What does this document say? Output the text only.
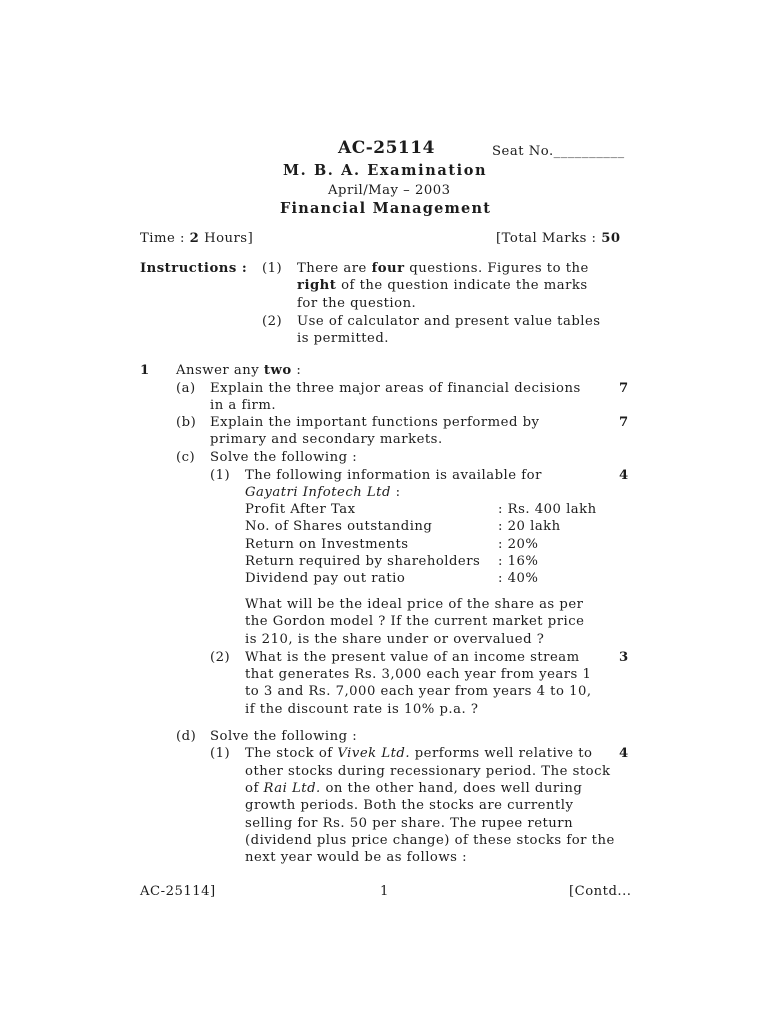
AC-25114	Seat No.__________
M. B. A. Examination
April/May – 2003
Financial Management
Time : 2 Hours]	[Total Marks : 50
Instructions : (1) There are four questions. Figures to the
right of the question indicate the marks
for the question.
(2) Use of calculator and present value tables
is permitted.
1 Answer any two :
(a) Explain the three major areas of financial decisions
in a firm.
7
(b) Explain the important functions performed by
primary and secondary markets.
7
(c) Solve the following :
(1) The following information is available for	4
Gayatri Infotech Ltd :
Profit After Tax	: Rs. 400 lakh
No. of Shares outstanding	: 20 lakh
Return on Investments	: 20%
Return required by shareholders : 16%
Dividend pay out ratio	: 40%
What will be the ideal price of the share as per
the Gordon model ? If the current market price
is 210, is the share under or overvalued ?
(2) What is the present value of an income stream	3
that generates Rs. 3,000 each year from years 1
to 3 and Rs. 7,000 each year from years 4 to 10,
if the discount rate is 10% p.a. ?
(d) Solve the following :
(1) The stock of Vivek Ltd. performs well relative to 4
other stocks during recessionary period. The stock
of Rai Ltd. on the other hand, does well during
growth periods. Both the stocks are currently
selling for Rs. 50 per share. The rupee return
(dividend plus price change) of these stocks for the
next year would be as follows :
AC-25114]	1	[Contd...
